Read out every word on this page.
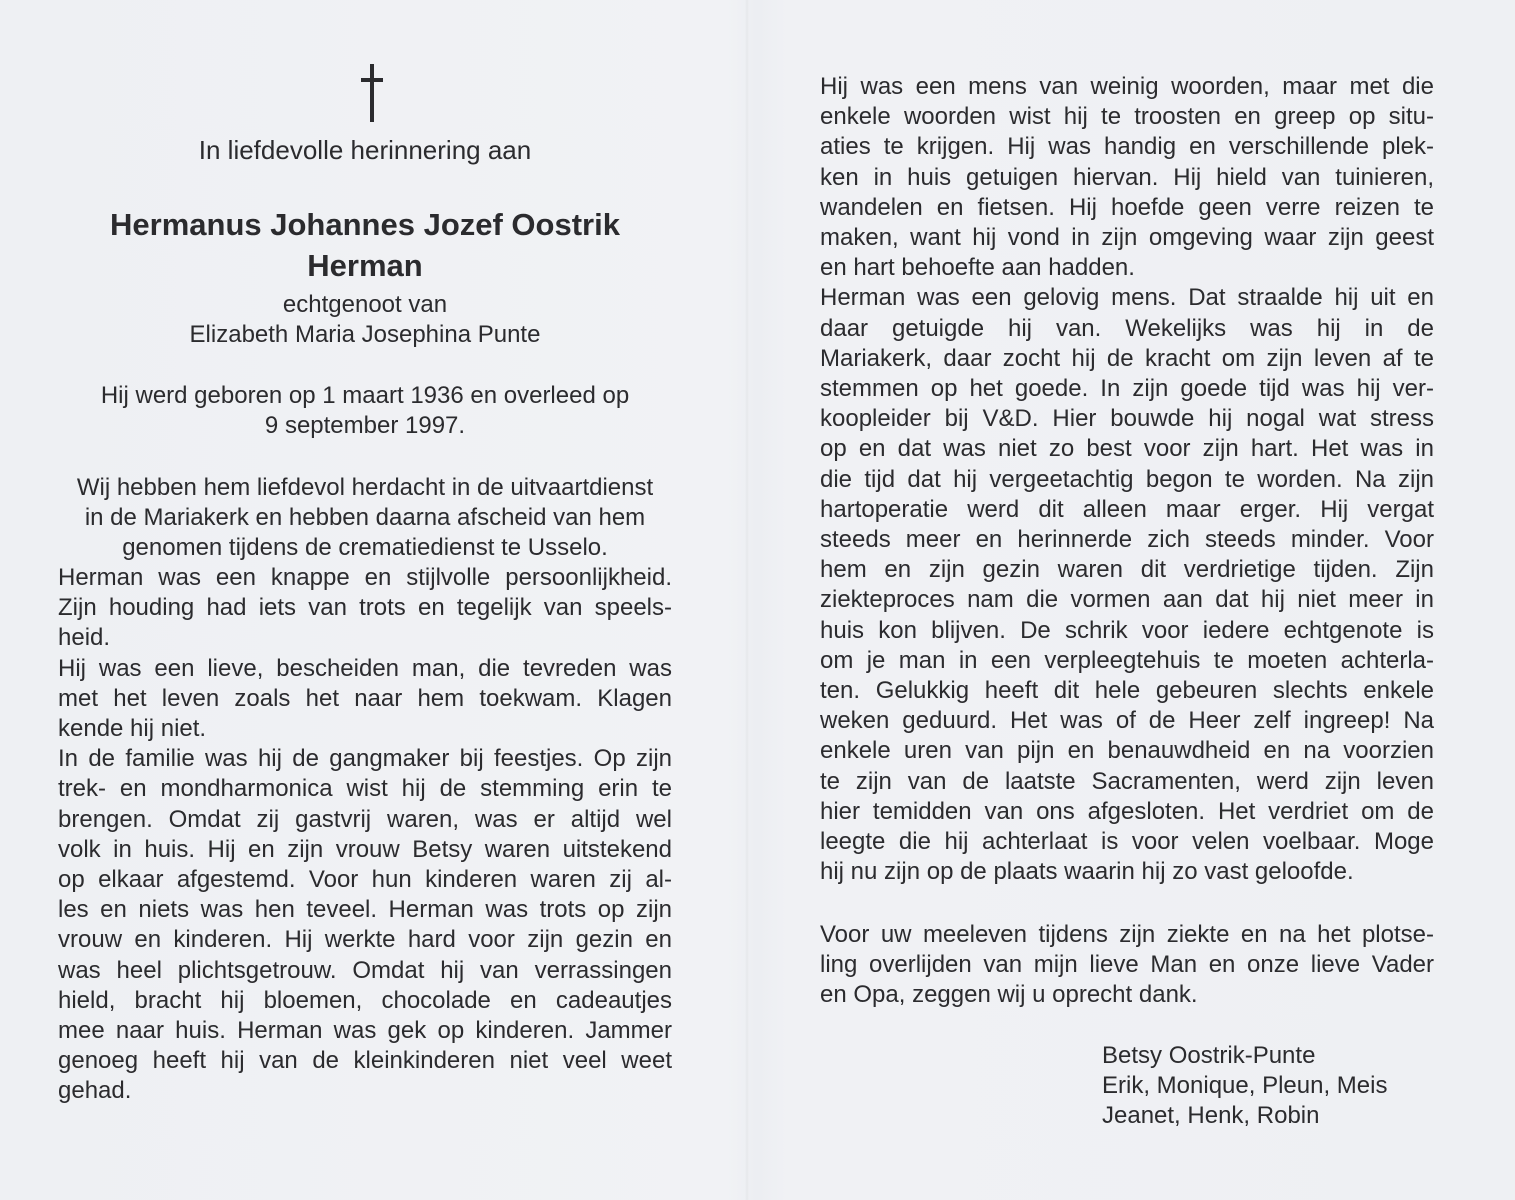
In liefdevolle herinnering aan
Hermanus Johannes Jozef Oostrik
Herman
echtgenoot van
Elizabeth Maria Josephina Punte
Hij werd geboren op 1 maart 1936 en overleed op
9 september 1997.
Wij hebben hem liefdevol herdacht in de uitvaartdienst
in de Mariakerk en hebben daarna afscheid van hem
genomen tijdens de crematiedienst te Usselo.
Herman was een knappe en stijlvolle persoonlijkheid.
Zijn houding had iets van trots en tegelijk van speels-
heid.
Hij was een lieve, bescheiden man, die tevreden was
met het leven zoals het naar hem toekwam. Klagen
kende hij niet.
In de familie was hij de gangmaker bij feestjes. Op zijn
trek- en mondharmonica wist hij de stemming erin te
brengen. Omdat zij gastvrij waren, was er altijd wel
volk in huis. Hij en zijn vrouw Betsy waren uitstekend
op elkaar afgestemd. Voor hun kinderen waren zij al-
les en niets was hen teveel. Herman was trots op zijn
vrouw en kinderen. Hij werkte hard voor zijn gezin en
was heel plichtsgetrouw. Omdat hij van verrassingen
hield, bracht hij bloemen, chocolade en cadeautjes
mee naar huis. Herman was gek op kinderen. Jammer
genoeg heeft hij van de kleinkinderen niet veel weet
gehad.
Hij was een mens van weinig woorden, maar met die
enkele woorden wist hij te troosten en greep op situ-
aties te krijgen. Hij was handig en verschillende plek-
ken in huis getuigen hiervan. Hij hield van tuinieren,
wandelen en fietsen. Hij hoefde geen verre reizen te
maken, want hij vond in zijn omgeving waar zijn geest
en hart behoefte aan hadden.
Herman was een gelovig mens. Dat straalde hij uit en
daar getuigde hij van. Wekelijks was hij in de
Mariakerk, daar zocht hij de kracht om zijn leven af te
stemmen op het goede. In zijn goede tijd was hij ver-
koopleider bij V&D. Hier bouwde hij nogal wat stress
op en dat was niet zo best voor zijn hart. Het was in
die tijd dat hij vergeetachtig begon te worden. Na zijn
hartoperatie werd dit alleen maar erger. Hij vergat
steeds meer en herinnerde zich steeds minder. Voor
hem en zijn gezin waren dit verdrietige tijden. Zijn
ziekteproces nam die vormen aan dat hij niet meer in
huis kon blijven. De schrik voor iedere echtgenote is
om je man in een verpleegtehuis te moeten achterla-
ten. Gelukkig heeft dit hele gebeuren slechts enkele
weken geduurd. Het was of de Heer zelf ingreep! Na
enkele uren van pijn en benauwdheid en na voorzien
te zijn van de laatste Sacramenten, werd zijn leven
hier temidden van ons afgesloten. Het verdriet om de
leegte die hij achterlaat is voor velen voelbaar. Moge
hij nu zijn op de plaats waarin hij zo vast geloofde.
Voor uw meeleven tijdens zijn ziekte en na het plotse-
ling overlijden van mijn lieve Man en onze lieve Vader
en Opa, zeggen wij u oprecht dank.
Betsy Oostrik-Punte
Erik, Monique, Pleun, Meis
Jeanet, Henk, Robin
